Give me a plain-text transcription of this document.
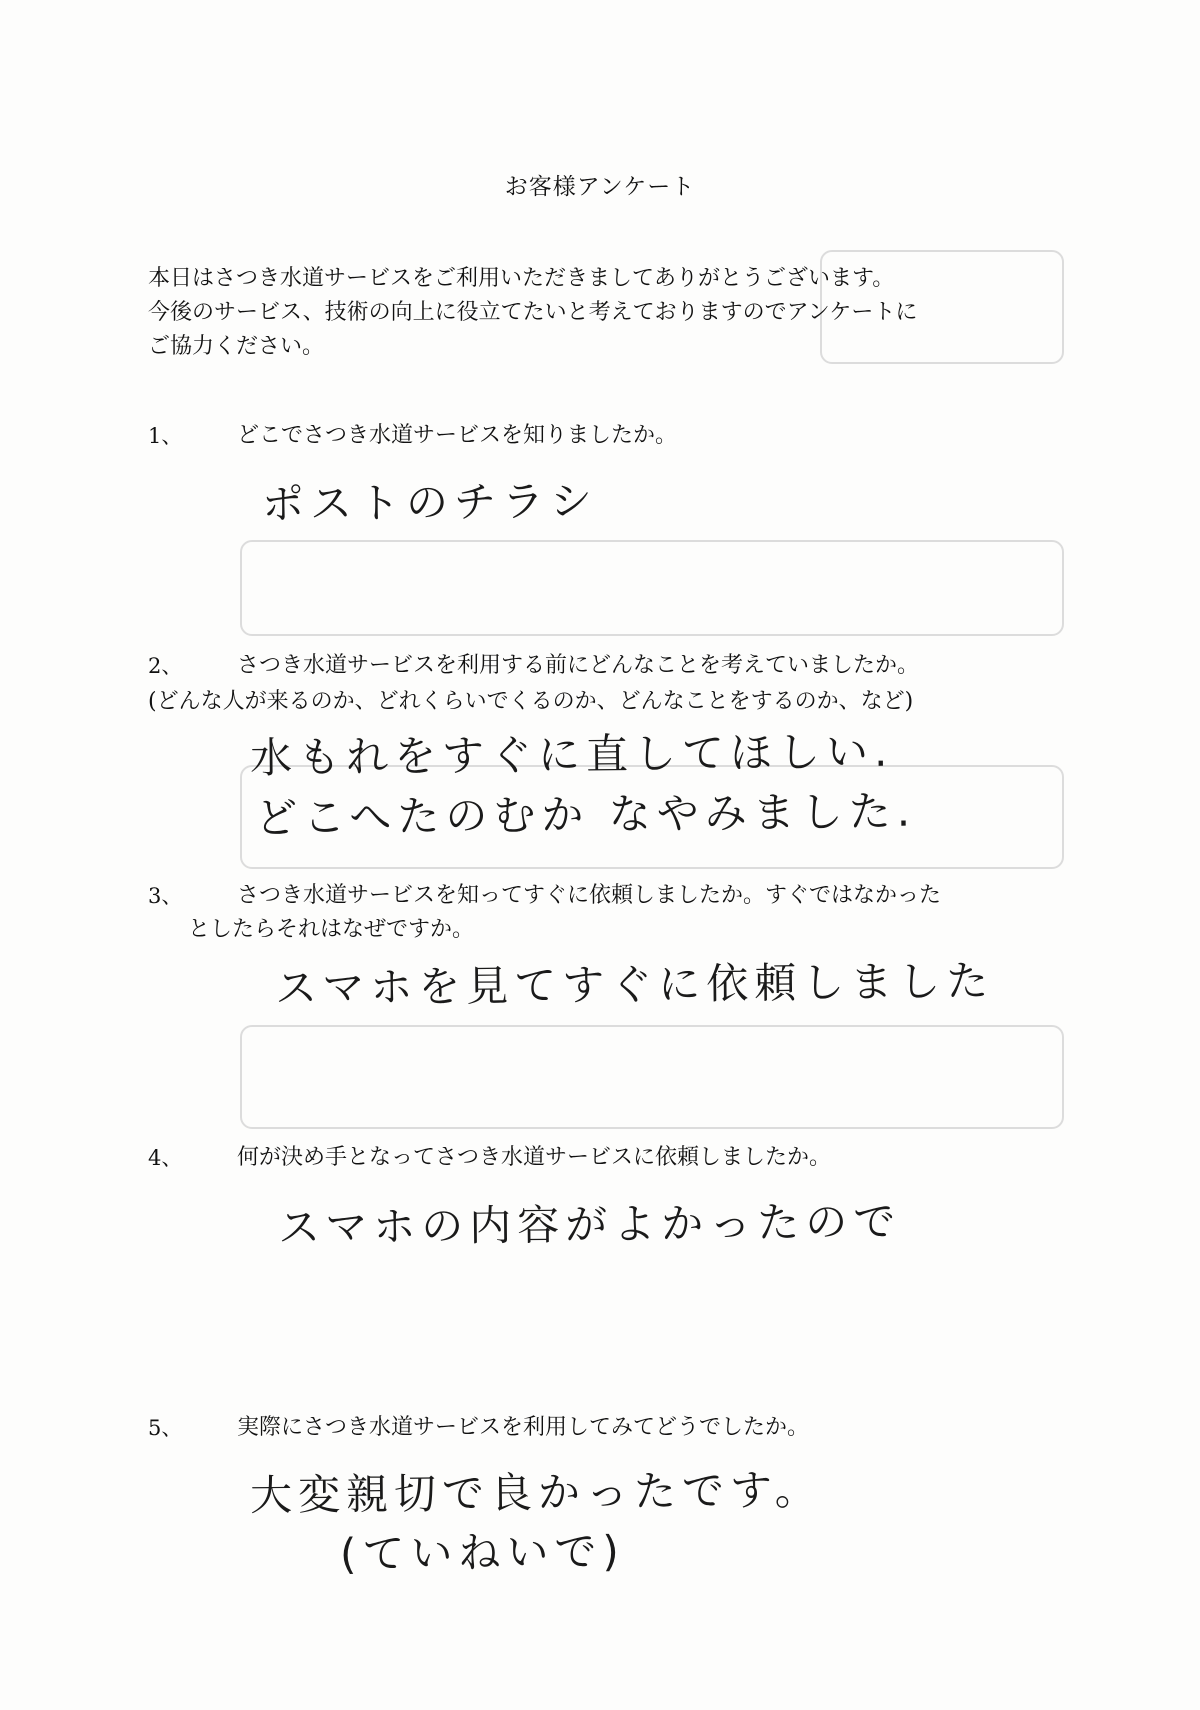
お客様アンケート
本日はさつき水道サービスをご利用いただきましてありがとうございます。
今後のサービス、技術の向上に役立てたいと考えておりますのでアンケートに
ご協力ください。
1、 どこでさつき水道サービスを知りましたか。
ポストのチラシ
2、 さつき水道サービスを利用する前にどんなことを考えていましたか。
(どんな人が来るのか、どれくらいでくるのか、どんなことをするのか、など)
水もれをすぐに直してほしい.
どこへたのむか なやみました.
3、 さつき水道サービスを知ってすぐに依頼しましたか。すぐではなかった
としたらそれはなぜですか。
スマホを見てすぐに依頼しました
4、 何が決め手となってさつき水道サービスに依頼しましたか。
スマホの内容がよかったので
5、 実際にさつき水道サービスを利用してみてどうでしたか。
大変親切で良かったです。
(ていねいで)
